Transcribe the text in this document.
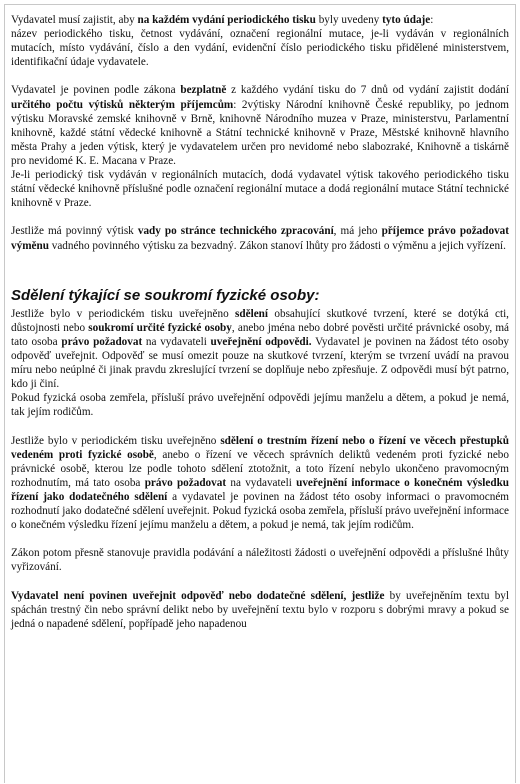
Vydavatel musí zajistit, aby na každém vydání periodického tisku byly uvedeny tyto údaje:

název periodického tisku, četnost vydávání, označení regionální mutace, je-li vydáván v regionálních mutacích, místo vydávání, číslo a den vydání, evidenční číslo periodického tisku přidělené ministerstvem, identifikační údaje vydavatele.

Vydavatel je povinen podle zákona bezplatně z každého vydání tisku do 7 dnů od vydání zajistit dodání určitého počtu výtisků některým příjemcům: 2výtisky Národní knihovně České republiky, po jednom výtisku Moravské zemské knihovně v Brně, knihovně Národního muzea v Praze, ministerstvu, Parlamentní knihovně, každé státní vědecké knihovně a Státní technické knihovně v Praze, Městské knihovně hlavního města Prahy a jeden výtisk, který je vydavatelem určen pro nevidomé nebo slabozraké, Knihovně a tiskárně pro nevidomé K. E. Macana v Praze.

Je-li periodický tisk vydáván v regionálních mutacích, dodá vydavatel výtisk takového periodického tisku státní vědecké knihovně příslušné podle označení regionální mutace a dodá regionální mutace Státní technické knihovně v Praze.

Jestliže má povinný výtisk vady po stránce technického zpracování, má jeho příjemce právo požadovat výměnu vadného povinného výtisku za bezvadný. Zákon stanoví lhůty pro žádosti o výměnu a jejich vyřízení.

Sdělení týkající se soukromí fyzické osoby:

Jestliže bylo v periodickém tisku uveřejněno sdělení obsahující skutkové tvrzení, které se dotýká cti, důstojnosti nebo soukromí určité fyzické osoby, anebo jména nebo dobré pověsti určité právnické osoby, má tato osoba právo požadovat na vydavateli uveřejnění odpovědi. Vydavatel je povinen na žádost této osoby odpověď uveřejnit. Odpověď se musí omezit pouze na skutkové tvrzení, kterým se tvrzení uvádí na pravou míru nebo neúplné či jinak pravdu zkreslující tvrzení se doplňuje nebo zpřesňuje. Z odpovědi musí být patrno, kdo ji činí.

Pokud fyzická osoba zemřela, přísluší právo uveřejnění odpovědi jejímu manželu a dětem, a pokud je nemá, tak jejím rodičům.

Jestliže bylo v periodickém tisku uveřejněno sdělení o trestním řízení nebo o řízení ve věcech přestupků vedeném proti fyzické osobě, anebo o řízení ve věcech správních deliktů vedeném proti fyzické nebo právnické osobě, kterou lze podle tohoto sdělení ztotožnit, a toto řízení nebylo ukončeno pravomocným rozhodnutím, má tato osoba právo požadovat na vydavateli uveřejnění informace o konečném výsledku řízení jako dodatečného sdělení a vydavatel je povinen na žádost této osoby informaci o pravomocném rozhodnutí jako dodatečné sdělení uveřejnit. Pokud fyzická osoba zemřela, přísluší právo uveřejnění informace o konečném výsledku řízení jejímu manželu a dětem, a pokud je nemá, tak jejím rodičům.

Zákon potom přesně stanovuje pravidla podávání a náležitosti žádosti o uveřejnění odpovědi a příslušné lhůty vyřizování.

Vydavatel není povinen uveřejnit odpověď nebo dodatečné sdělení, jestliže by uveřejněním textu byl spáchán trestný čin nebo správní delikt nebo by uveřejnění textu bylo v rozporu s dobrými mravy a pokud se jedná o napadené sdělení, popřípadě jeho napadenou
